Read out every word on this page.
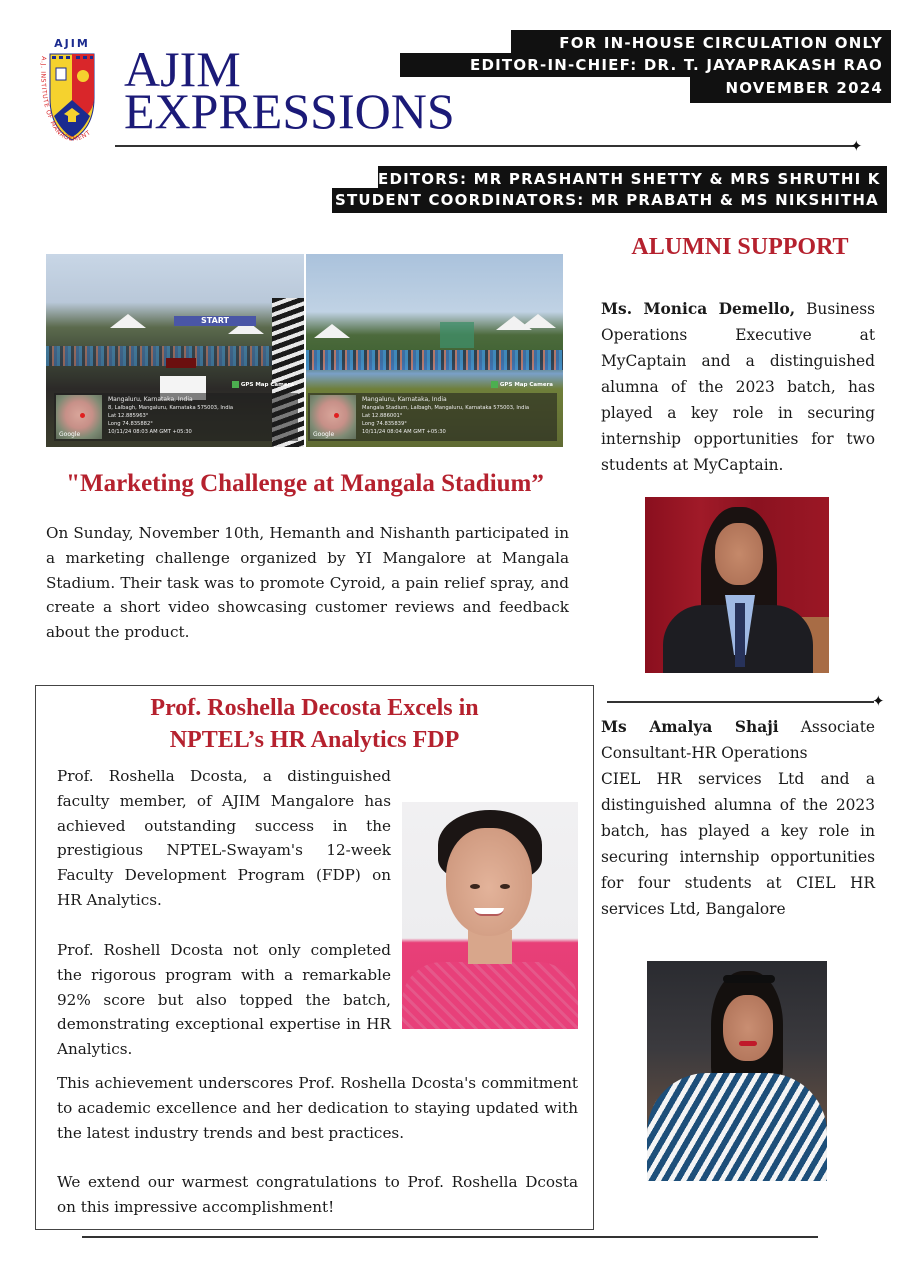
AJIM
A.J. INSTITUTE OF MANAGEMENT
AJIM
EXPRESSIONS
FOR IN-HOUSE CIRCULATION ONLY
EDITOR-IN-CHIEF: DR. T. JAYAPRAKASH RAO
NOVEMBER 2024
✦
EDITORS: MR PRASHANTH SHETTY & MRS SHRUTHI K
STUDENT COORDINATORS: MR PRABATH & MS NIKSHITHA
START
GPS Map Camera
Google
Mangaluru, Karnataka, India
8, Lalbagh, Mangaluru, Karnataka 575003, India
Lat 12.885963°
Long 74.835882°
10/11/24 08:03 AM GMT +05:30
GPS Map Camera
Google
Mangaluru, Karnataka, India
Mangala Stadium, Lalbagh, Mangaluru, Karnataka 575003, India
Lat 12.886001°
Long 74.835839°
10/11/24 08:04 AM GMT +05:30
"Marketing Challenge at Mangala Stadium”

On Sunday, November 10th, Hemanth and Nishanth participated in a marketing challenge organized by YI Mangalore at Mangala Stadium. Their task was to promote Cyroid, a pain relief spray, and create a short video showcasing customer reviews and feedback about the product.

Prof. Roshella Decosta Excels in
NPTEL’s HR Analytics FDP

Prof. Roshella Dcosta, a distinguished faculty member, of AJIM Mangalore has achieved outstanding success in the prestigious NPTEL-Swayam's 12-week Faculty Development Program (FDP) on HR Analytics.

Prof. Roshell Dcosta not only completed the rigorous program with a remarkable 92% score but also topped the batch, demonstrating exceptional expertise in HR Analytics.

This achievement underscores Prof. Roshella Dcosta's commitment to academic excellence and her dedication to staying updated with the latest industry trends and best practices.

We extend our warmest congratulations to Prof. Roshella Dcosta on this impressive accomplishment!

ALUMNI SUPPORT

Ms. Monica Demello, Business Operations Executive at MyCaptain and a distinguished alumna of the 2023 batch, has played a key role in securing internship opportunities for two students at MyCaptain.

✦

Ms Amalya Shaji Associate Consultant-HR Operations
CIEL HR services Ltd and a distinguished alumna of the 2023 batch, has played a key role in securing internship opportunities for four students at CIEL HR services Ltd, Bangalore
